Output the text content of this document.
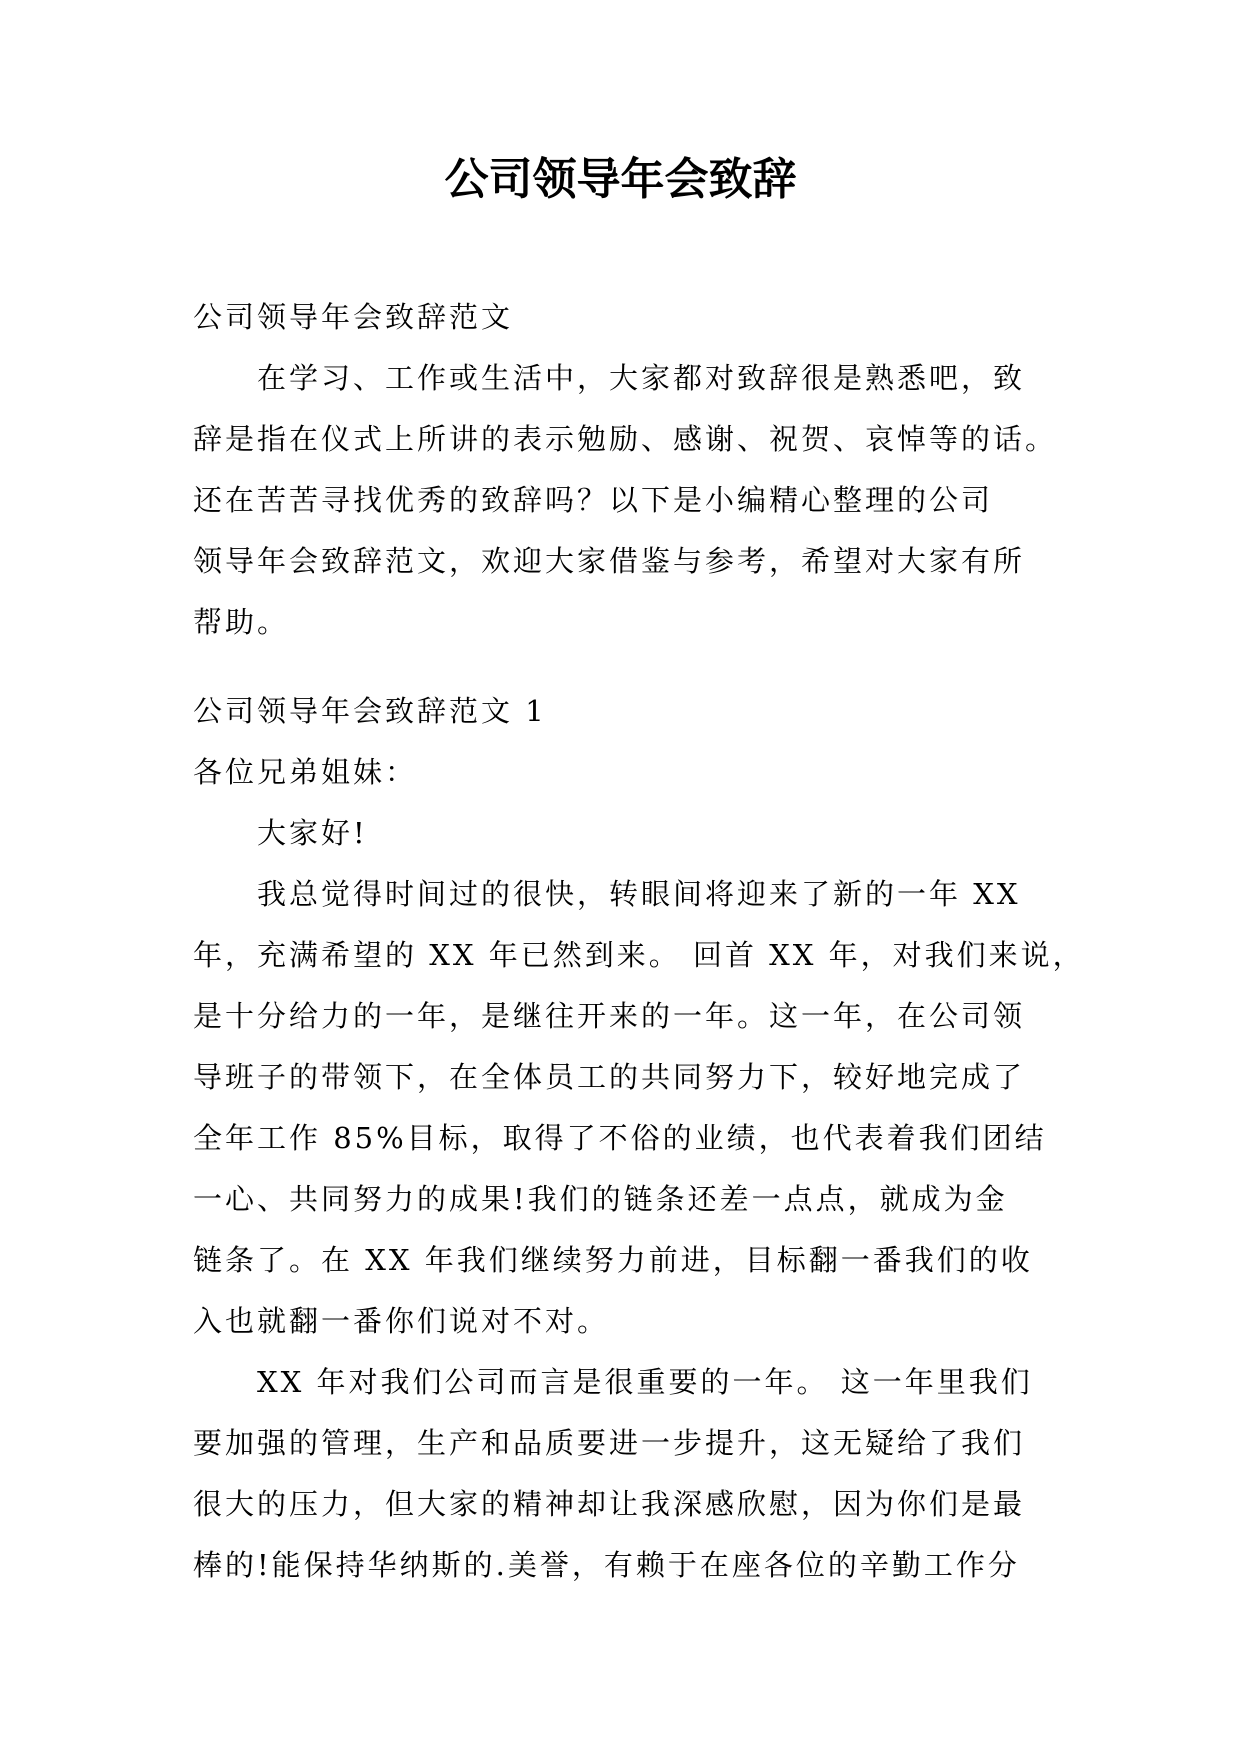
公司领导年会致辞

公司领导年会致辞范文

在学习、工作或生活中，大家都对致辞很是熟悉吧，致

辞是指在仪式上所讲的表示勉励、感谢、祝贺、哀悼等的话。

还在苦苦寻找优秀的致辞吗？以下是小编精心整理的公司

领导年会致辞范文，欢迎大家借鉴与参考，希望对大家有所

帮助。

公司领导年会致辞范文 1

各位兄弟姐妹：

大家好!

我总觉得时间过的很快，转眼间将迎来了新的一年 XX

年，充满希望的 XX 年已然到来。 回首 XX 年，对我们来说，

是十分给力的一年，是继往开来的一年。这一年，在公司领

导班子的带领下，在全体员工的共同努力下，较好地完成了

全年工作 85%目标，取得了不俗的业绩，也代表着我们团结

一心、共同努力的成果!我们的链条还差一点点，就成为金

链条了。在 XX 年我们继续努力前进，目标翻一番我们的收

入也就翻一番你们说对不对。

XX 年对我们公司而言是很重要的一年。 这一年里我们

要加强的管理，生产和品质要进一步提升，这无疑给了我们

很大的压力，但大家的精神却让我深感欣慰，因为你们是最

棒的!能保持华纳斯的.美誉，有赖于在座各位的辛勤工作分
